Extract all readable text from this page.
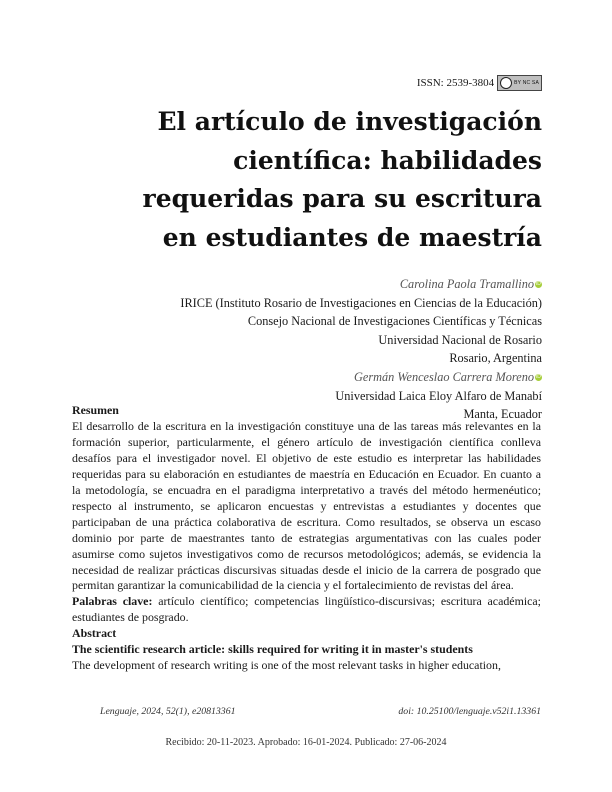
ISSN: 2539-3804	BY NC SA
El artículo de investigación científica: habilidades requeridas para su escritura en estudiantes de maestría
Carolina Paola Tramallino iD
IRICE (Instituto Rosario de Investigaciones en Ciencias de la Educación)
Consejo Nacional de Investigaciones Científicas y Técnicas
Universidad Nacional de Rosario
Rosario, Argentina
Germán Wenceslao Carrera Moreno iD
Universidad Laica Eloy Alfaro de Manabí
Manta, Ecuador
Resumen

El desarrollo de la escritura en la investigación constituye una de las tareas más relevantes en la formación superior, particularmente, el género artículo de investigación científica conlleva desafíos para el investigador novel. El objetivo de este estudio es interpretar las habilidades requeridas para su elaboración en estudiantes de maestría en Educación en Ecuador. En cuanto a la metodología, se encuadra en el paradigma interpretativo a través del método hermenéutico; respecto al instrumento, se aplicaron encuestas y entrevistas a estudiantes y docentes que participaban de una práctica colaborativa de escritura. Como resultados, se observa un escaso dominio por parte de maestrantes tanto de estrategias argumentativas con las cuales poder asumirse como sujetos investigativos como de recursos metodológicos; además, se evidencia la necesidad de realizar prácticas discursivas situadas desde el inicio de la carrera de posgrado que permitan garantizar la comunicabilidad de la ciencia y el fortalecimiento de revistas del área.

Palabras clave: artículo científico; competencias lingüístico-discursivas; escritura académica; estudiantes de posgrado.

Abstract
The scientific research article: skills required for writing it in master's students

The development of research writing is one of the most relevant tasks in higher education,

Lenguaje, 2024, 52(1), e20813361	doi: 10.25100/lenguaje.v52i1.13361
Recibido: 20-11-2023. Aprobado: 16-01-2024. Publicado: 27-06-2024
